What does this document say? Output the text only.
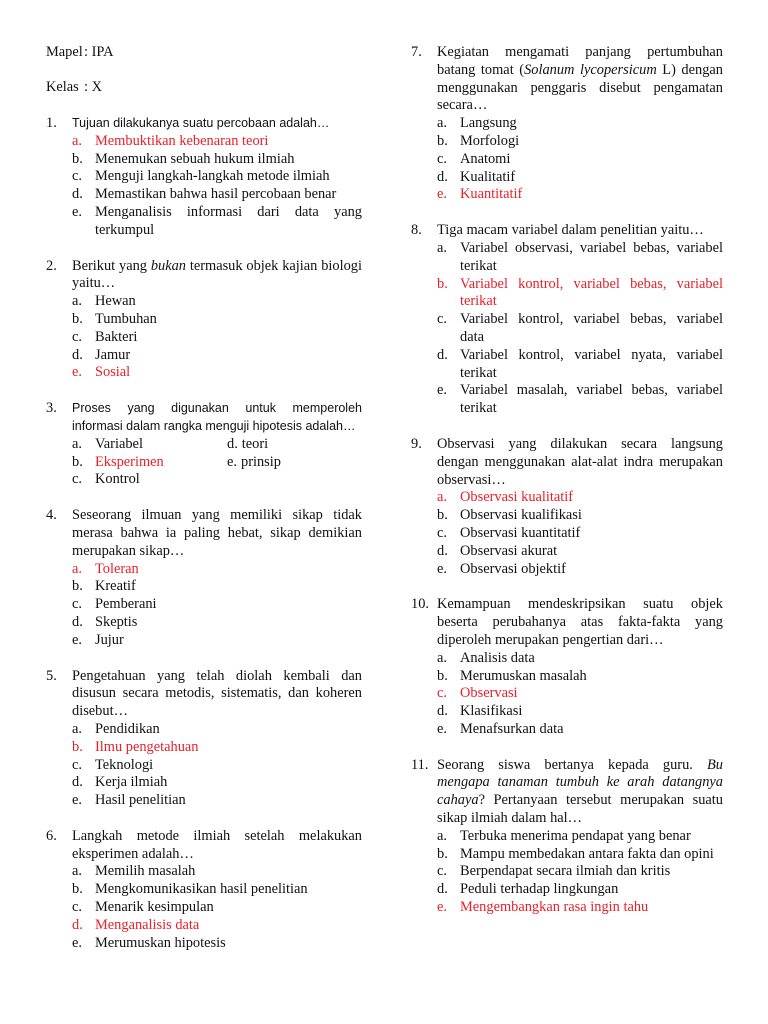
Mapel: IPA
Kelas : X
1.	Tujuan dilakukanya suatu percobaan adalah…
a. Membuktikan kebenaran teori
b. Menemukan sebuah hukum ilmiah
c. Menguji langkah-langkah metode ilmiah
d. Memastikan bahwa hasil percobaan benar
e. Menganalisis informasi dari data yang terkumpul
2.	Berikut yang bukan termasuk objek kajian biologi yaitu…
a. Hewan
b. Tumbuhan
c. Bakteri
d. Jamur
e. Sosial
3.	Proses yang digunakan untuk memperoleh informasi dalam rangka menguji hipotesis adalah…
a. Variabel	d. teori
b. Eksperimen	e. prinsip
c. Kontrol
4.	Seseorang ilmuan yang memiliki sikap tidak merasa bahwa ia paling hebat, sikap demikian merupakan sikap…
a. Toleran
b. Kreatif
c. Pemberani
d. Skeptis
e. Jujur
5.	Pengetahuan yang telah diolah kembali dan disusun secara metodis, sistematis, dan koheren disebut…
a. Pendidikan
b. Ilmu pengetahuan
c. Teknologi
d. Kerja ilmiah
e. Hasil penelitian
6.	Langkah metode ilmiah setelah melakukan eksperimen adalah…
a. Memilih masalah
b. Mengkomunikasikan hasil penelitian
c. Menarik kesimpulan
d. Menganalisis data
e. Merumuskan hipotesis
7.	Kegiatan mengamati panjang pertumbuhan batang tomat (Solanum lycopersicum L) dengan menggunakan penggaris disebut pengamatan secara…
a. Langsung
b. Morfologi
c. Anatomi
d. Kualitatif
e. Kuantitatif
8.	Tiga macam variabel dalam penelitian yaitu…
a. Variabel observasi, variabel bebas, variabel terikat
b. Variabel kontrol, variabel bebas, variabel terikat
c. Variabel kontrol, variabel bebas, variabel data
d. Variabel kontrol, variabel nyata, variabel terikat
e. Variabel masalah, variabel bebas, variabel terikat
9.	Observasi yang dilakukan secara langsung dengan menggunakan alat-alat indra merupakan observasi…
a. Observasi kualitatif
b. Observasi kualifikasi
c. Observasi kuantitatif
d. Observasi akurat
e. Observasi objektif
10. Kemampuan mendeskripsikan suatu objek beserta perubahanya atas fakta-fakta yang diperoleh merupakan pengertian dari…
a. Analisis data
b. Merumuskan masalah
c. Observasi
d. Klasifikasi
e. Menafsurkan data
11. Seorang siswa bertanya kepada guru. Bu mengapa tanaman tumbuh ke arah datangnya cahaya? Pertanyaan tersebut merupakan suatu sikap ilmiah dalam hal…
a. Terbuka menerima pendapat yang benar
b. Mampu membedakan antara fakta dan opini
c. Berpendapat secara ilmiah dan kritis
d. Peduli terhadap lingkungan
e. Mengembangkan rasa ingin tahu
